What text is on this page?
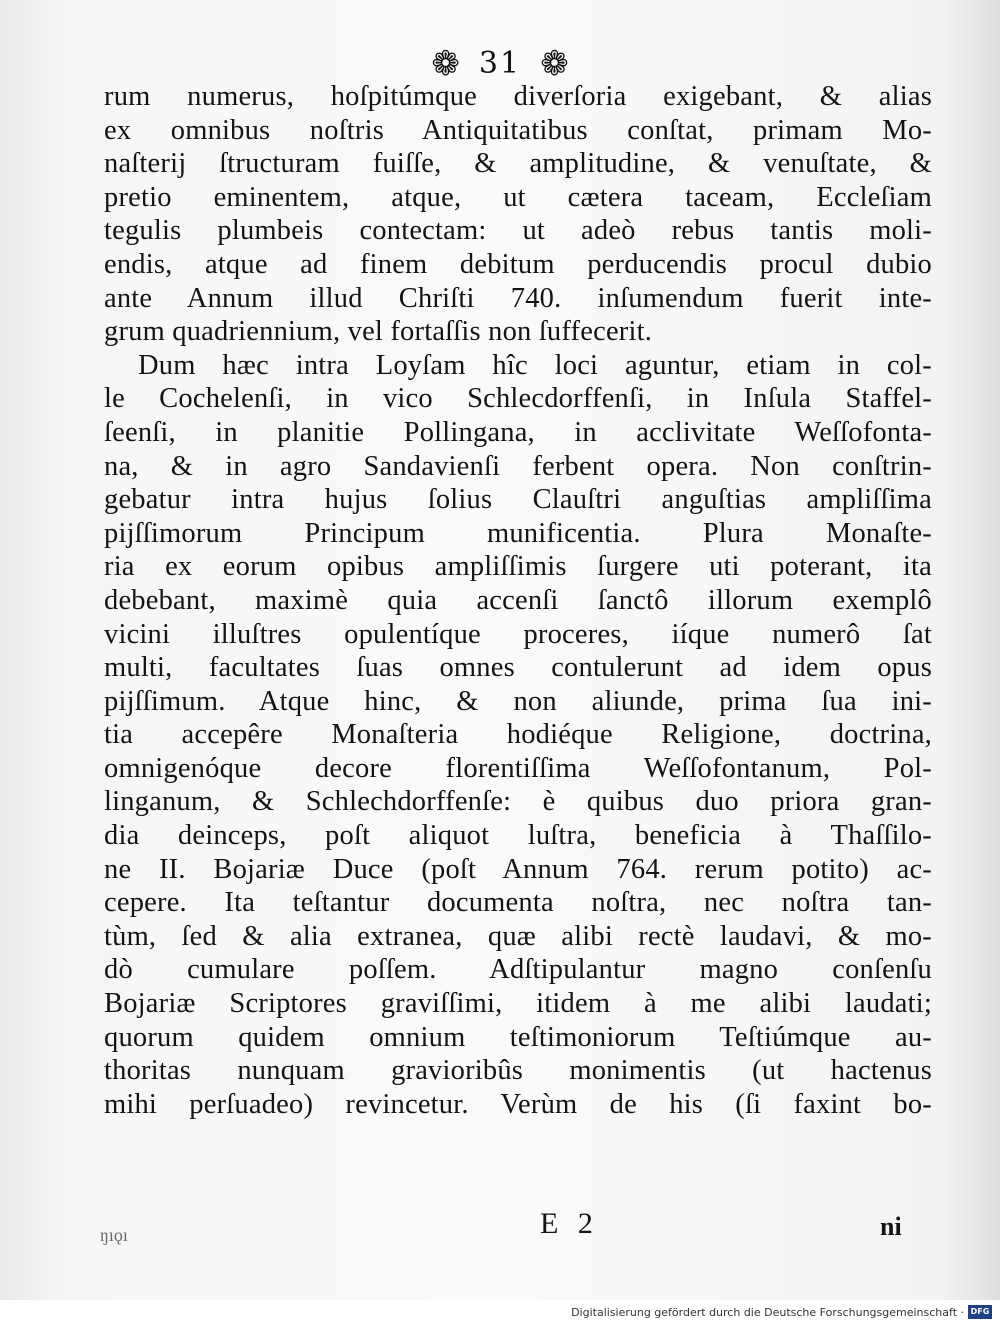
❁ 31 ❁
rum numerus, hoſpitúmque diverſoria exigebant, & alias
ex omnibus noſtris Antiquitatibus conſtat, primam Mo-
naſterij ſtructuram fuiſſe, & amplitudine, & venuſtate, &
pretio eminentem, atque, ut cætera taceam, Eccleſiam
tegulis plumbeis contectam: ut adeò rebus tantis moli-
endis, atque ad finem debitum perducendis procul dubio
ante Annum illud Chriſti 740. inſumendum fuerit inte-
grum quadriennium, vel fortaſſis non ſuffecerit.
Dum hæc intra Loyſam hîc loci aguntur, etiam in col-
le Cochelenſi, in vico Schlecdorffenſi, in Inſula Staffel-
ſeenſi, in planitie Pollingana, in acclivitate Weſſofonta-
na, & in agro Sandavienſi ferbent opera. Non conſtrin-
gebatur intra hujus ſolius Clauſtri anguſtias ampliſſima
pijſſimorum Principum munificentia. Plura Monaſte-
ria ex eorum opibus ampliſſimis ſurgere uti poterant, ita
debebant, maximè quia accenſi ſanctô illorum exemplô
vicini illuſtres opulentíque proceres, iíque numerô ſat
multi, facultates ſuas omnes contulerunt ad idem opus
pijſſimum. Atque hinc, & non aliunde, prima ſua ini-
tia accepêre Monaſteria hodiéque Religione, doctrina,
omnigenóque decore florentiſſima Weſſofontanum, Pol-
linganum, & Schlechdorffenſe: è quibus duo priora gran-
dia deinceps, poſt aliquot luſtra, beneficia à Thaſſilo-
ne II. Bojariæ Duce (poſt Annum 764. rerum potito) ac-
cepere. Ita teſtantur documenta noſtra, nec noſtra tan-
tùm, ſed & alia extranea, quæ alibi rectè laudavi, & mo-
dò cumulare poſſem. Adſtipulantur magno conſenſu
Bojariæ Scriptores graviſſimi, itidem à me alibi laudati;
quorum quidem omnium teſtimoniorum Teſtiúmque au-
thoritas nunquam gravioribûs monimentis (ut hactenus
mihi perſuadeo) revincetur. Verùm de his (ſi faxint bo-
ŋıǫı	E 2	ni
Digitalisierung gefördert durch die Deutsche Forschungsgemeinschaft · DFG
